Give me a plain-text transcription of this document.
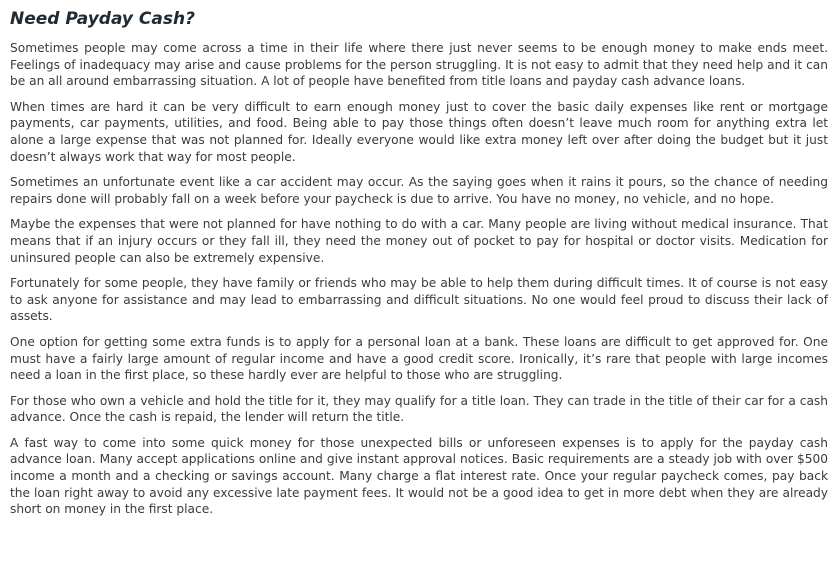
Need Payday Cash?

Sometimes people may come across a time in their life where there just never seems to be enough money to make ends meet. Feelings of inadequacy may arise and cause problems for the person struggling. It is not easy to admit that they need help and it can be an all around embarrassing situation. A lot of people have benefited from title loans and payday cash advance loans.

When times are hard it can be very difficult to earn enough money just to cover the basic daily expenses like rent or mortgage payments, car payments, utilities, and food. Being able to pay those things often doesn’t leave much room for anything extra let alone a large expense that was not planned for. Ideally everyone would like extra money left over after doing the budget but it just doesn’t always work that way for most people.

Sometimes an unfortunate event like a car accident may occur. As the saying goes when it rains it pours, so the chance of needing repairs done will probably fall on a week before your paycheck is due to arrive. You have no money, no vehicle, and no hope.

Maybe the expenses that were not planned for have nothing to do with a car. Many people are living without medical insurance. That means that if an injury occurs or they fall ill, they need the money out of pocket to pay for hospital or doctor visits. Medication for uninsured people can also be extremely expensive.

Fortunately for some people, they have family or friends who may be able to help them during difficult times. It of course is not easy to ask anyone for assistance and may lead to embarrassing and difficult situations. No one would feel proud to discuss their lack of assets.

One option for getting some extra funds is to apply for a personal loan at a bank. These loans are difficult to get approved for. One must have a fairly large amount of regular income and have a good credit score. Ironically, it’s rare that people with large incomes need a loan in the first place, so these hardly ever are helpful to those who are struggling.

For those who own a vehicle and hold the title for it, they may qualify for a title loan. They can trade in the title of their car for a cash advance. Once the cash is repaid, the lender will return the title.

A fast way to come into some quick money for those unexpected bills or unforeseen expenses is to apply for the payday cash advance loan. Many accept applications online and give instant approval notices. Basic requirements are a steady job with over $500 income a month and a checking or savings account. Many charge a flat interest rate. Once your regular paycheck comes, pay back the loan right away to avoid any excessive late payment fees. It would not be a good idea to get in more debt when they are already short on money in the first place.
